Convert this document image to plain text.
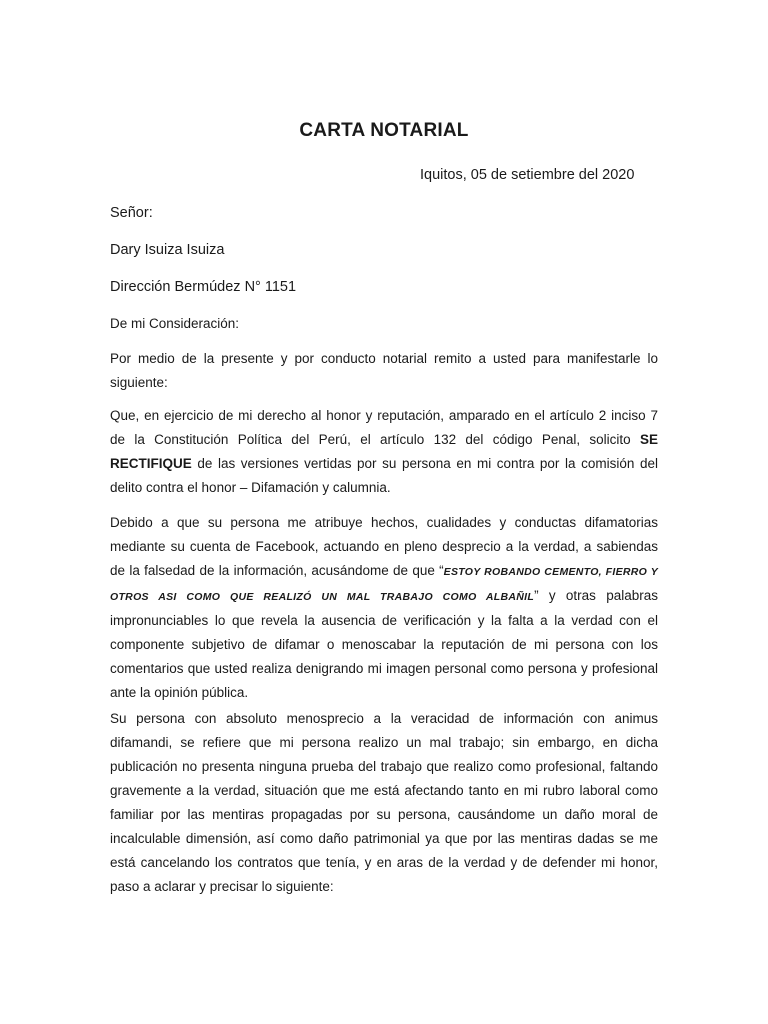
CARTA NOTARIAL
Iquitos, 05 de setiembre del 2020
Señor:
Dary Isuiza Isuiza
Dirección Bermúdez N° 1151
De mi Consideración:
Por medio de la presente y por conducto notarial remito a usted para manifestarle lo siguiente:
Que, en ejercicio de mi derecho al honor y reputación, amparado en el artículo 2 inciso 7 de la Constitución Política del Perú, el artículo 132 del código Penal, solicito SE RECTIFIQUE de las versiones vertidas por su persona en mi contra por la comisión del delito contra el honor – Difamación y calumnia.
Debido a que su persona me atribuye hechos, cualidades y conductas difamatorias mediante su cuenta de Facebook, actuando en pleno desprecio a la verdad, a sabiendas de la falsedad de la información, acusándome de que “ESTOY ROBANDO CEMENTO, FIERRO Y OTROS ASI COMO QUE REALIZÓ UN MAL TRABAJO COMO ALBAÑIL” y otras palabras impronunciables lo que revela la ausencia de verificación y la falta a la verdad con el componente subjetivo de difamar o menoscabar la reputación de mi persona con los comentarios que usted realiza denigrando mi imagen personal como persona y profesional ante la opinión pública.
Su persona con absoluto menosprecio a la veracidad de información con animus difamandi, se refiere que mi persona realizo un mal trabajo; sin embargo, en dicha publicación no presenta ninguna prueba del trabajo que realizo como profesional, faltando gravemente a la verdad, situación que me está afectando tanto en mi rubro laboral como familiar por las mentiras propagadas por su persona, causándome un daño moral de incalculable dimensión, así como daño patrimonial ya que por las mentiras dadas se me está cancelando los contratos que tenía, y en aras de la verdad y de defender mi honor, paso a aclarar y precisar lo siguiente:
